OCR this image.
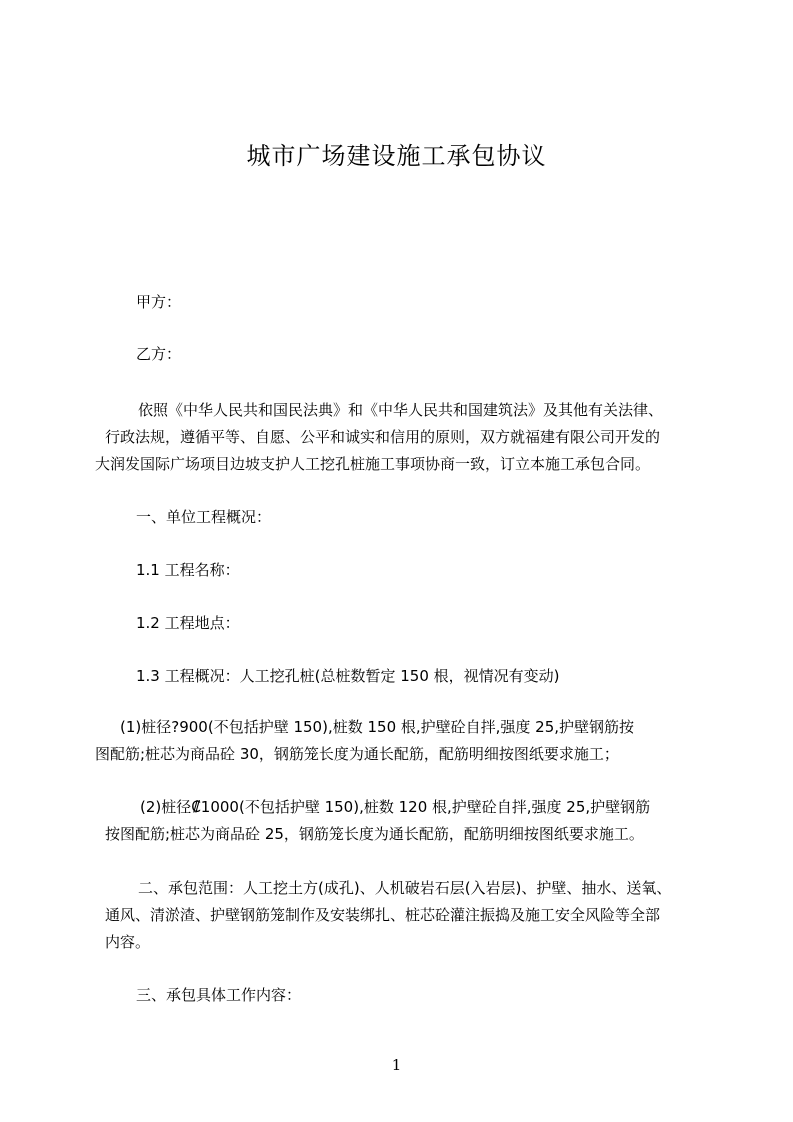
城市广场建设施工承包协议
甲方：
乙方：
依照《中华人民共和国民法典》和《中华人民共和国建筑法》及其他有关法律、
行政法规，遵循平等、自愿、公平和诚实和信用的原则，双方就福建有限公司开发的
大润发国际广场项目边坡支护人工挖孔桩施工事项协商一致，订立本施工承包合同。
一、单位工程概况：
1.1 工程名称：
1.2 工程地点：
1.3 工程概况：人工挖孔桩(总桩数暂定 150 根，视情况有变动)
(1)桩径?900(不包括护壁 150),桩数 150 根,护壁砼自拌,强度 25,护壁钢筋按
图配筋;桩芯为商品砼 30，钢筋笼长度为通长配筋，配筋明细按图纸要求施工；
(2)桩径₡1000(不包括护壁 150),桩数 120 根,护壁砼自拌,强度 25,护壁钢筋
按图配筋;桩芯为商品砼 25，钢筋笼长度为通长配筋，配筋明细按图纸要求施工。
二、承包范围：人工挖土方(成孔)、人机破岩石层(入岩层)、护壁、抽水、送氧、
通风、清淤渣、护壁钢筋笼制作及安装绑扎、桩芯砼灌注振捣及施工安全风险等全部
内容。
三、承包具体工作内容：
1
